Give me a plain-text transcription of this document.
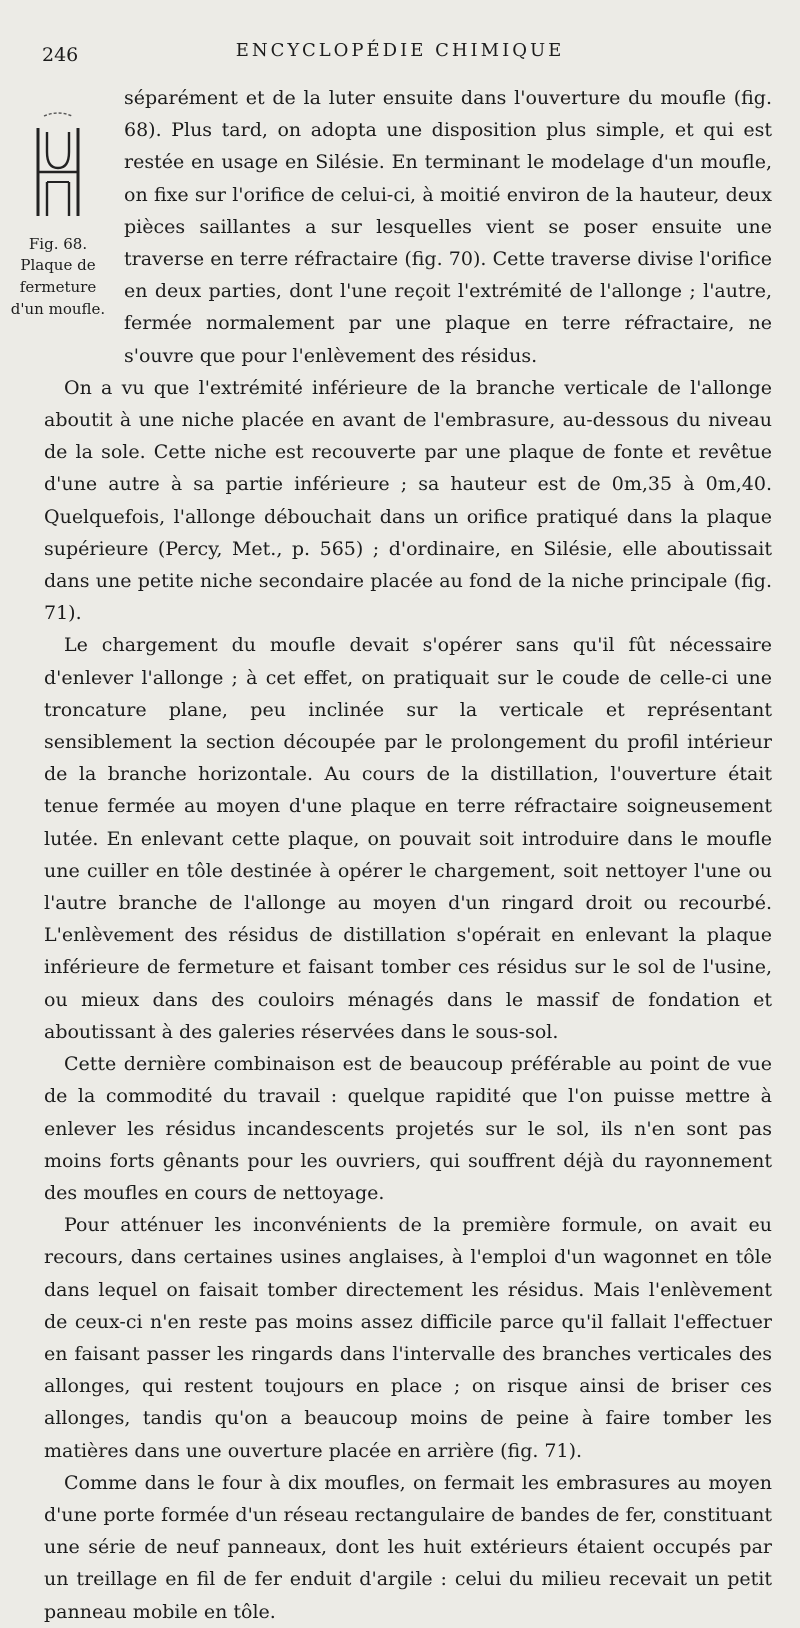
246	ENCYCLOPÉDIE CHIMIQUE
Fig. 68.
Plaque de fermeture d'un moufle.

séparément et de la luter ensuite dans l'ouverture du moufle (fig. 68). Plus tard, on adopta une disposition plus simple, et qui est restée en usage en Silésie. En terminant le modelage d'un moufle, on fixe sur l'orifice de celui-ci, à moitié environ de la hauteur, deux pièces saillantes a sur lesquelles vient se poser ensuite une traverse en terre réfractaire (fig. 70). Cette traverse divise l'orifice en deux parties, dont l'une reçoit l'extrémité de l'allonge ; l'autre, fermée normalement par une plaque en terre réfractaire, ne s'ouvre que pour l'enlèvement des résidus.

On a vu que l'extrémité inférieure de la branche verticale de l'allonge aboutit à une niche placée en avant de l'embrasure, au-dessous du niveau de la sole. Cette niche est recouverte par une plaque de fonte et revêtue d'une autre à sa partie inférieure ; sa hauteur est de 0m,35 à 0m,40. Quelquefois, l'allonge débouchait dans un orifice pratiqué dans la plaque supérieure (Percy, Met., p. 565) ; d'ordinaire, en Silésie, elle aboutissait dans une petite niche secondaire placée au fond de la niche principale (fig. 71).

Le chargement du moufle devait s'opérer sans qu'il fût nécessaire d'enlever l'allonge ; à cet effet, on pratiquait sur le coude de celle-ci une troncature plane, peu inclinée sur la verticale et représentant sensiblement la section découpée par le prolongement du profil intérieur de la branche horizontale. Au cours de la distillation, l'ouverture était tenue fermée au moyen d'une plaque en terre réfractaire soigneusement lutée. En enlevant cette plaque, on pouvait soit introduire dans le moufle une cuiller en tôle destinée à opérer le chargement, soit nettoyer l'une ou l'autre branche de l'allonge au moyen d'un ringard droit ou recourbé. L'enlèvement des résidus de distillation s'opérait en enlevant la plaque inférieure de fermeture et faisant tomber ces résidus sur le sol de l'usine, ou mieux dans des couloirs ménagés dans le massif de fondation et aboutissant à des galeries réservées dans le sous-sol.

Cette dernière combinaison est de beaucoup préférable au point de vue de la commodité du travail : quelque rapidité que l'on puisse mettre à enlever les résidus incandescents projetés sur le sol, ils n'en sont pas moins forts gênants pour les ouvriers, qui souffrent déjà du rayonnement des moufles en cours de nettoyage.

Pour atténuer les inconvénients de la première formule, on avait eu recours, dans certaines usines anglaises, à l'emploi d'un wagonnet en tôle dans lequel on faisait tomber directement les résidus. Mais l'enlèvement de ceux-ci n'en reste pas moins assez difficile parce qu'il fallait l'effectuer en faisant passer les ringards dans l'intervalle des branches verticales des allonges, qui restent toujours en place ; on risque ainsi de briser ces allonges, tandis qu'on a beaucoup moins de peine à faire tomber les matières dans une ouverture placée en arrière (fig. 71).

Comme dans le four à dix moufles, on fermait les embrasures au moyen d'une porte formée d'un réseau rectangulaire de bandes de fer, constituant une série de neuf panneaux, dont les huit extérieurs étaient occupés par un treillage en fil de fer enduit d'argile : celui du milieu recevait un petit panneau mobile en tôle.
